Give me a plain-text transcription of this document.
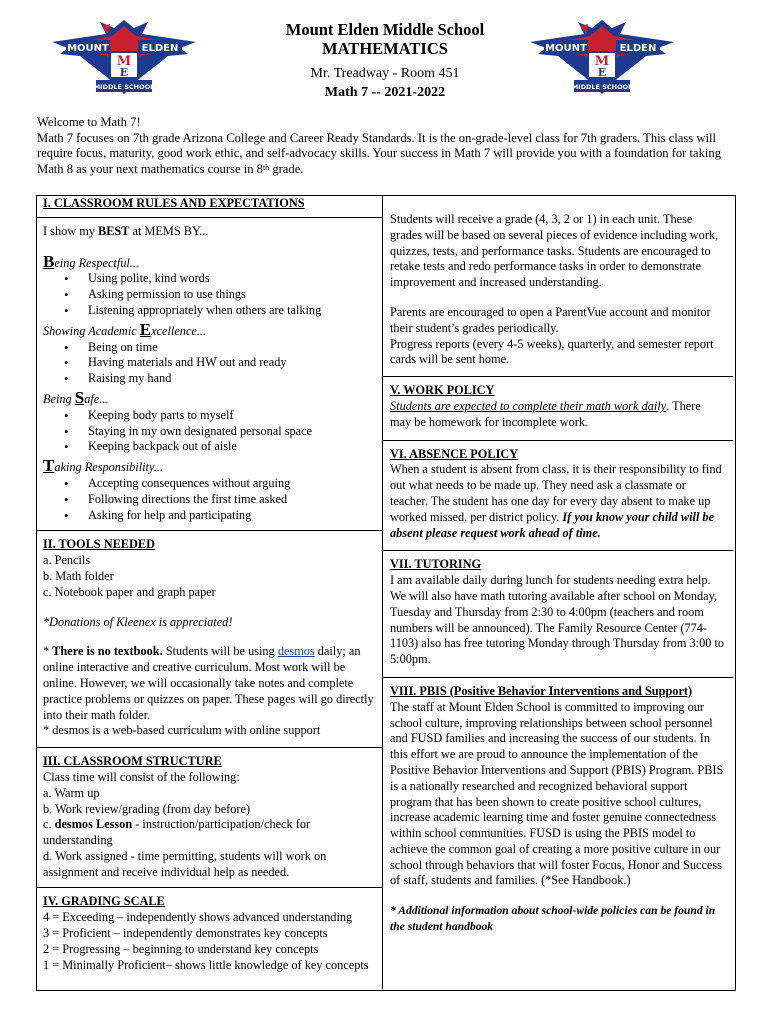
MOUNT	ELDEN
M
E
MIDDLE SCHOOL
MOUNT	ELDEN
M
E
MIDDLE SCHOOL
Mount Elden Middle School
MATHEMATICS
Mr. Treadway - Room 451
Math 7 -- 2021-2022

Welcome to Math 7!

Math 7 focuses on 7th grade Arizona College and Career Ready Standards. It is the on-grade-level class for 7th graders. This class will require focus, maturity, good work ethic, and self-advocacy skills. Your success in Math 7 will provide you with a foundation for taking Math 8 as your next mathematics course in 8th grade.

I. CLASSROOM RULES AND EXPECTATIONS

I show my BEST at MEMS BY...

Being Respectful...
• Using polite, kind words
• Asking permission to use things
• Listening appropriately when others are talking
Showing Academic Excellence...
• Being on time
• Having materials and HW out and ready
• Raising my hand
Being Safe...
• Keeping body parts to myself
• Staying in my own designated personal space
• Keeping backpack out of aisle
Taking Responsibility...
• Accepting consequences without arguing
• Following directions the first time asked
• Asking for help and participating
II. TOOLS NEEDED

a. Pencils

b. Math folder

c. Notebook paper and graph paper

*Donations of Kleenex is appreciated!

* There is no textbook. Students will be using desmos daily; an online interactive and creative curriculum. Most work will be online. However, we will occasionally take notes and complete practice problems or quizzes on paper. These pages will go directly into their math folder.

* desmos is a web-based curriculum with online support

III. CLASSROOM STRUCTURE

Class time will consist of the following:

a. Warm up

b. Work review/grading (from day before)

c. desmos Lesson - instruction/participation/check for understanding

d. Work assigned - time permitting, students will work on assignment and receive individual help as needed.

IV. GRADING SCALE

4 = Exceeding – independently shows advanced understanding

3 = Proficient – independently demonstrates key concepts

2 = Progressing – beginning to understand key concepts

1 = Minimally Proficient– shows little knowledge of key concepts

Students will receive a grade (4, 3, 2 or 1) in each unit. These grades will be based on several pieces of evidence including work, quizzes, tests, and performance tasks. Students are encouraged to retake tests and redo performance tasks in order to demonstrate improvement and increased understanding.

Parents are encouraged to open a ParentVue account and monitor their student’s grades periodically.

Progress reports (every 4-5 weeks), quarterly, and semester report cards will be sent home.

V. WORK POLICY

Students are expected to complete their math work daily. There may be homework for incomplete work.

VI. ABSENCE POLICY

When a student is absent from class, it is their responsibility to find out what needs to be made up. They need ask a classmate or teacher. The student has one day for every day absent to make up worked missed, per district policy. If you know your child will be absent please request work ahead of time.

VII. TUTORING

I am available daily during lunch for students needing extra help. We will also have math tutoring available after school on Monday, Tuesday and Thursday from 2:30 to 4:00pm (teachers and room numbers will be announced). The Family Resource Center (774-1103) also has free tutoring Monday through Thursday from 3:00 to 5:00pm.

VIII. PBIS (Positive Behavior Interventions and Support)

The staff at Mount Elden School is committed to improving our school culture, improving relationships between school personnel and FUSD families and increasing the success of our students. In this effort we are proud to announce the implementation of the Positive Behavior Interventions and Support (PBIS) Program. PBIS is a nationally researched and recognized behavioral support program that has been shown to create positive school cultures, increase academic learning time and foster genuine connectedness within school communities. FUSD is using the PBIS model to achieve the common goal of creating a more positive culture in our school through behaviors that will foster Focus, Honor and Success of staff, students and families. (*See Handbook.)

* Additional information about school-wide policies can be found in the student handbook
